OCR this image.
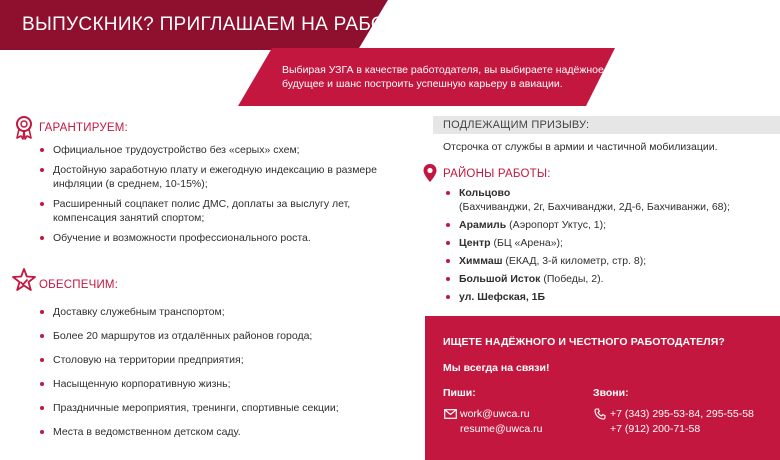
ВЫПУСКНИК? ПРИГЛАШАЕМ НА РАБОТУ!
Выбирая УЗГА в качестве работодателя, вы выбираете надёжное будущее и шанс построить успешную карьеру в авиации.
ГАРАНТИРУЕМ:
Официальное трудоустройство без «серых» схем;
Достойную заработную плату и ежегодную индексацию в размере инфляции (в среднем, 10-15%);
Расширенный соцпакет полис ДМС, доплаты за выслугу лет, компенсация занятий спортом;
Обучение и возможности профессионального роста.
ОБЕСПЕЧИМ:
Доставку служебным транспортом;
Более 20 маршрутов из отдалённых районов города;
Столовую на территории предприятия;
Насыщенную корпоративную жизнь;
Праздничные мероприятия, тренинги, спортивные секции;
Места в ведомственном детском саду.
ПОДЛЕЖАЩИМ ПРИЗЫВУ:
Отсрочка от службы в армии и частичной мобилизации.
РАЙОНЫ РАБОТЫ:
Кольцово
(Бахчиванджи, 2г, Бахчиванджи, 2Д-6, Бахчиванжи, 68);
Арамиль (Аэропорт Уктус, 1);
Центр (БЦ «Арена»);
Химмаш (ЕКАД, 3-й километр, стр. 8);
Большой Исток (Победы, 2).
ул. Шефская, 1Б
ИЩЕТЕ НАДЁЖНОГО И ЧЕСТНОГО РАБОТОДАТЕЛЯ?
Мы всегда на связи!
Пиши:
work@uwca.ru
resume@uwca.ru
Звони:
+7 (343) 295-53-84, 295-55-58
+7 (912) 200-71-58
